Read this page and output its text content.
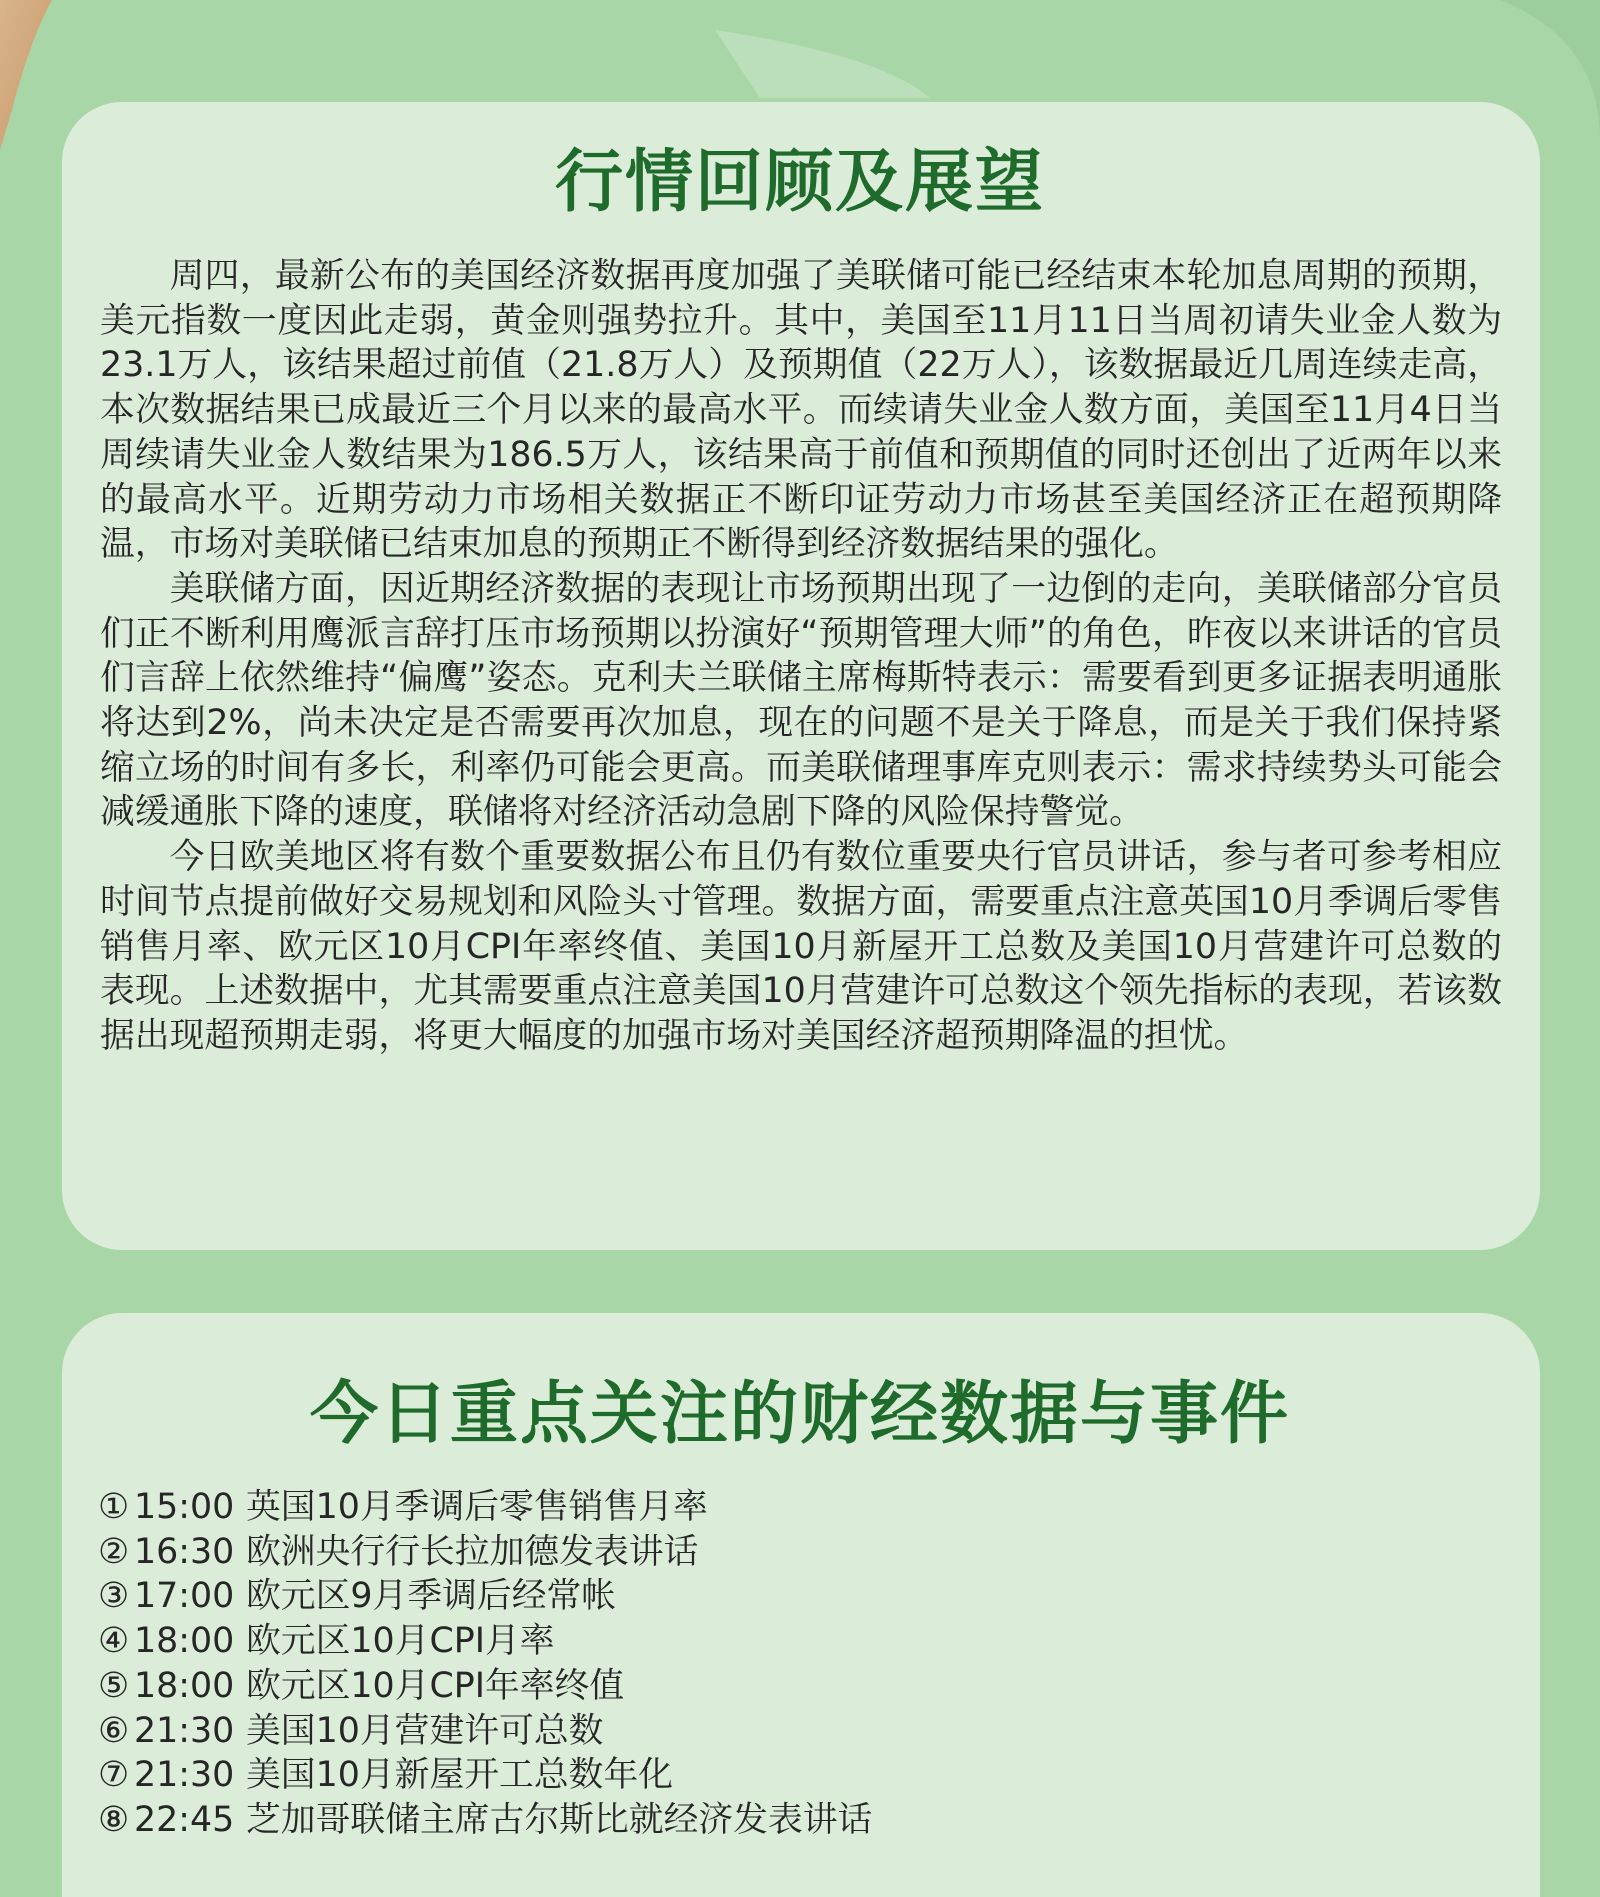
行情回顾及展望

周四，最新公布的美国经济数据再度加强了美联储可能已经结束本轮加息周期的预期，美元指数一度因此走弱，黄金则强势拉升。其中，美国至11月11日当周初请失业金人数为23.1万人，该结果超过前值（21.8万人）及预期值（22万人），该数据最近几周连续走高，本次数据结果已成最近三个月以来的最高水平。而续请失业金人数方面，美国至11月4日当周续请失业金人数结果为186.5万人，该结果高于前值和预期值的同时还创出了近两年以来的最高水平。近期劳动力市场相关数据正不断印证劳动力市场甚至美国经济正在超预期降温，市场对美联储已结束加息的预期正不断得到经济数据结果的强化。

美联储方面，因近期经济数据的表现让市场预期出现了一边倒的走向，美联储部分官员们正不断利用鹰派言辞打压市场预期以扮演好“预期管理大师”的角色，昨夜以来讲话的官员们言辞上依然维持“偏鹰”姿态。克利夫兰联储主席梅斯特表示：需要看到更多证据表明通胀将达到2%，尚未决定是否需要再次加息，现在的问题不是关于降息，而是关于我们保持紧缩立场的时间有多长，利率仍可能会更高。而美联储理事库克则表示：需求持续势头可能会减缓通胀下降的速度，联储将对经济活动急剧下降的风险保持警觉。

今日欧美地区将有数个重要数据公布且仍有数位重要央行官员讲话，参与者可参考相应时间节点提前做好交易规划和风险头寸管理。数据方面，需要重点注意英国10月季调后零售销售月率、欧元区10月CPI年率终值、美国10月新屋开工总数及美国10月营建许可总数的表现。上述数据中，尤其需要重点注意美国10月营建许可总数这个领先指标的表现，若该数据出现超预期走弱，将更大幅度的加强市场对美国经济超预期降温的担忧。

今日重点关注的财经数据与事件
① 15:00 英国10月季调后零售销售月率
② 16:30 欧洲央行行长拉加德发表讲话
③ 17:00 欧元区9月季调后经常帐
④ 18:00 欧元区10月CPI月率
⑤ 18:00 欧元区10月CPI年率终值
⑥ 21:30 美国10月营建许可总数
⑦ 21:30 美国10月新屋开工总数年化
⑧ 22:45 芝加哥联储主席古尔斯比就经济发表讲话
